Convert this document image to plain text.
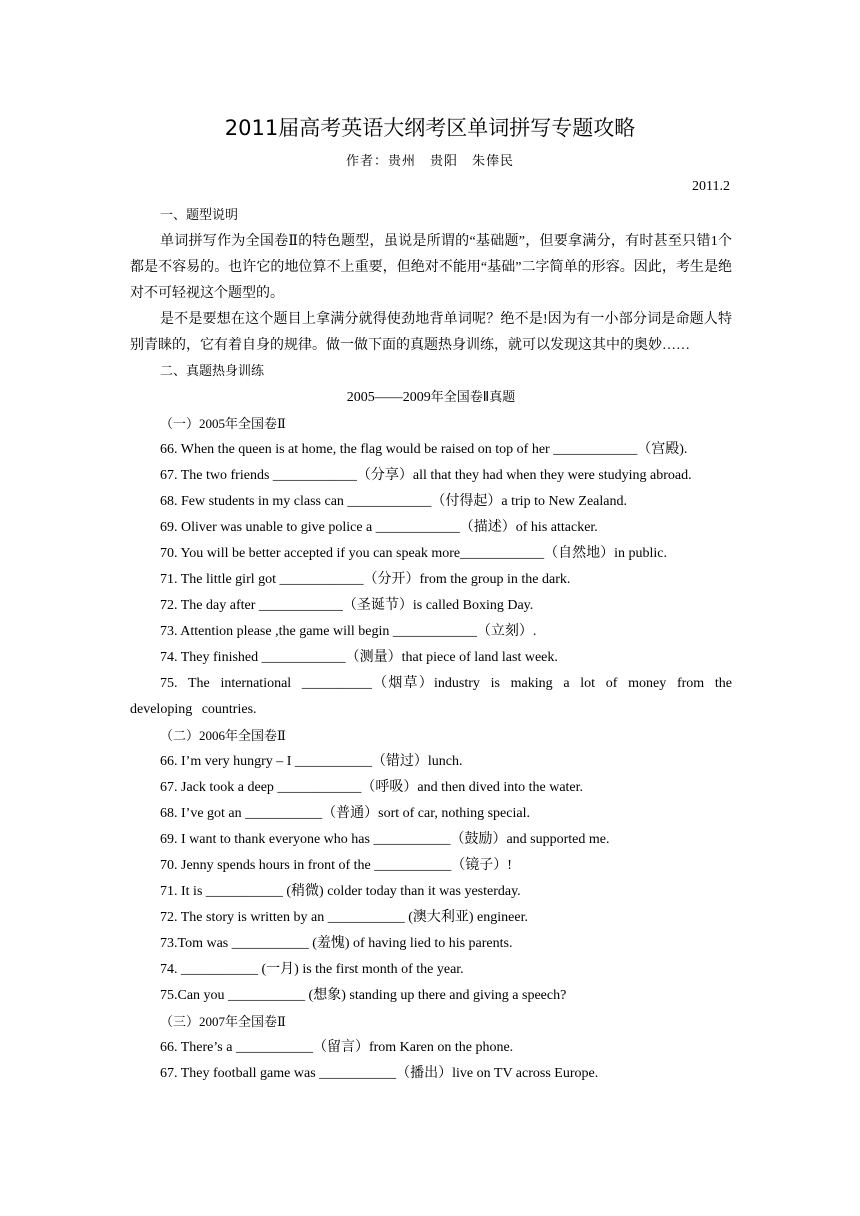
2011届高考英语大纲考区单词拼写专题攻略
作者：贵州　贵阳　朱俸民
2011.2

一、题型说明

单词拼写作为全国卷Ⅱ的特色题型，虽说是所谓的“基础题”，但要拿满分，有时甚至只错1个都是不容易的。也许它的地位算不上重要，但绝对不能用“基础”二字简单的形容。因此，考生是绝对不可轻视这个题型的。

是不是要想在这个题目上拿满分就得使劲地背单词呢？绝不是!因为有一小部分词是命题人特别青睐的，它有着自身的规律。做一做下面的真题热身训练，就可以发现这其中的奥妙……

二、真题热身训练

2005——2009年全国卷Ⅱ真题

（一）2005年全国卷Ⅱ

66. When the queen is at home, the flag would be raised on top of her ____________（宫殿).

67. The two friends ____________（分享）all that they had when they were studying abroad.

68. Few students in my class can ____________（付得起）a trip to New Zealand.

69. Oliver was unable to give police a ____________（描述）of his attacker.

70. You will be better accepted if you can speak more____________（自然地）in public.

71. The little girl got ____________（分开）from the group in the dark.

72. The day after ____________（圣诞节）is called Boxing Day.

73. Attention please ,the game will begin ____________（立刻）.

74. They finished ____________（测量）that piece of land last week.

75. The international __________（烟草）industry is making a lot of money from the developing countries.

（二）2006年全国卷Ⅱ

66. I’m very hungry – I ___________（错过）lunch.

67. Jack took a deep ____________（呼吸）and then dived into the water.

68. I’ve got an ___________（普通）sort of car, nothing special.

69. I want to thank everyone who has ___________（鼓励）and supported me.

70. Jenny spends hours in front of the ___________（镜子）!

71. It is ___________ (稍微) colder today than it was yesterday.

72. The story is written by an ___________ (澳大利亚) engineer.

73.Tom was ___________ (羞愧) of having lied to his parents.

74. ___________ (一月) is the first month of the year.

75.Can you ___________ (想象) standing up there and giving a speech?

（三）2007年全国卷Ⅱ

66. There’s a ___________（留言）from Karen on the phone.

67. They football game was ___________（播出）live on TV across Europe.
